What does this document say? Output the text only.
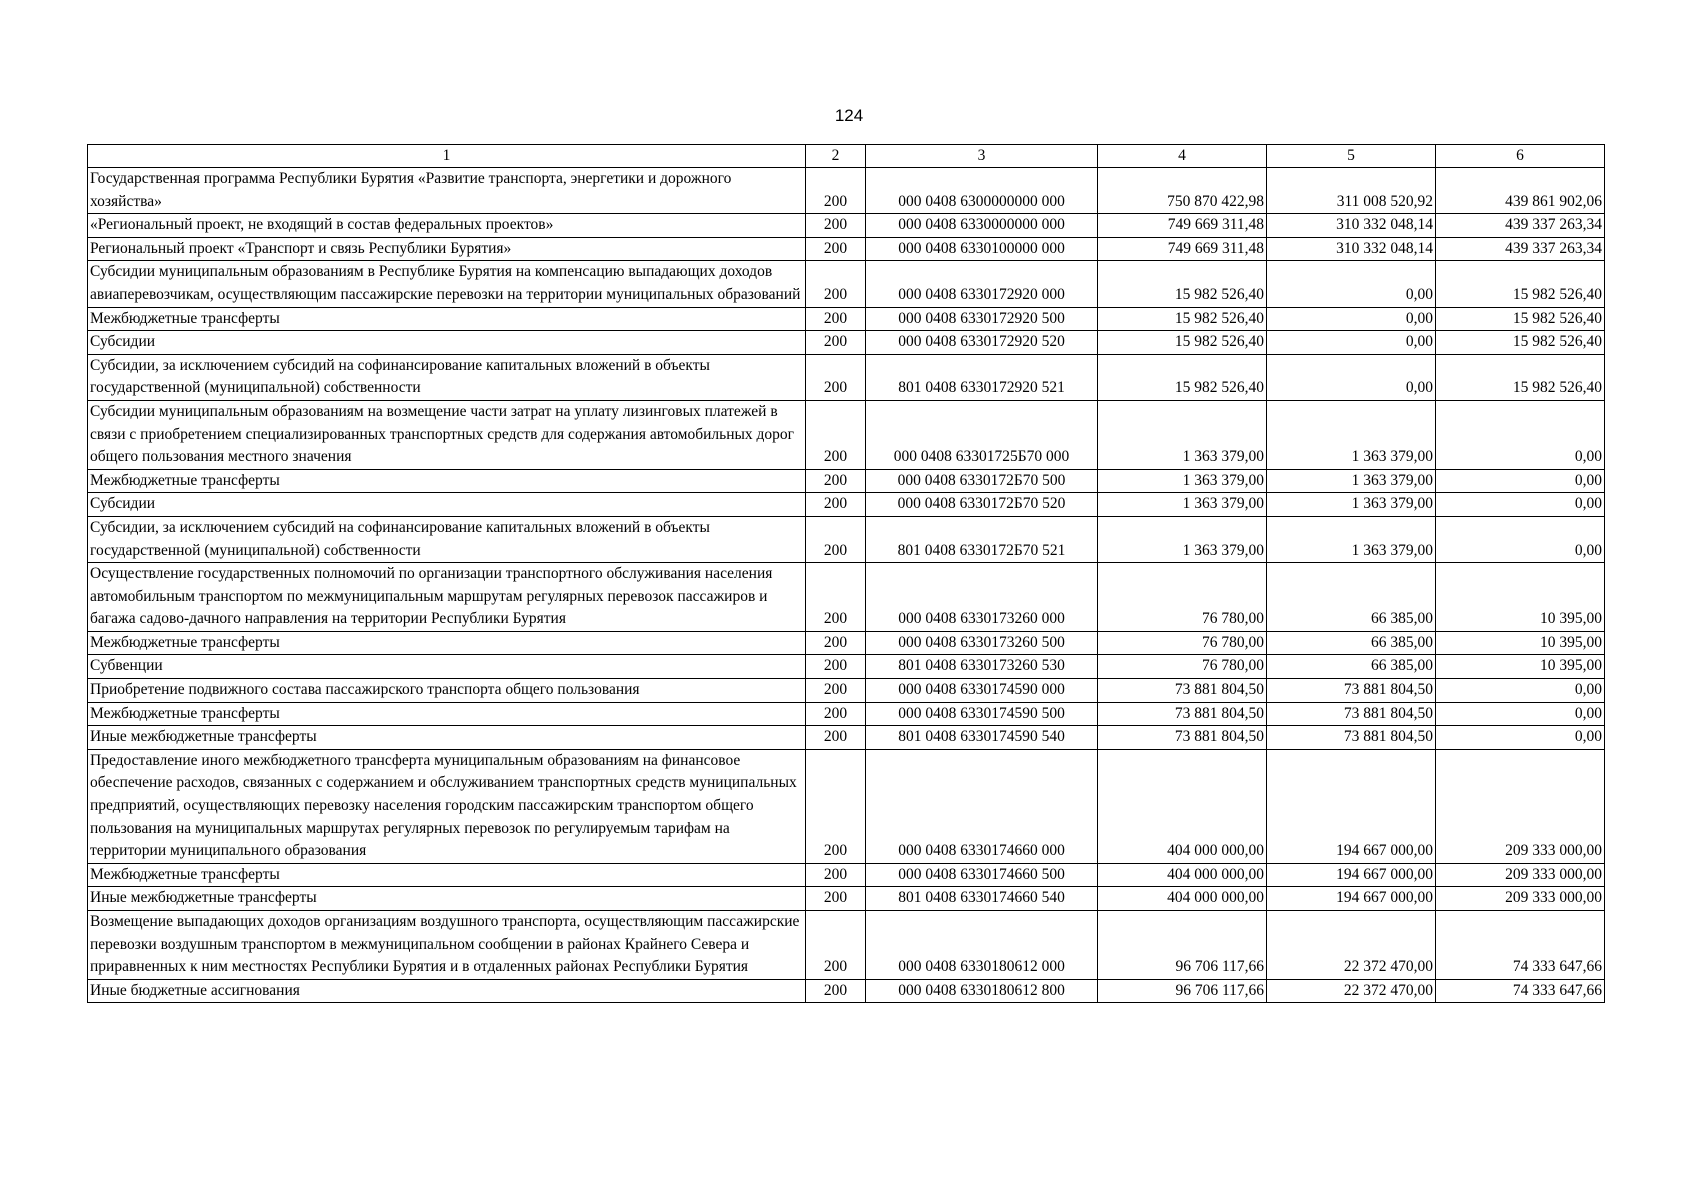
124
1	2	3	4	5	6
Государственная программа Республики Бурятия «Развитие транспорта, энергетики и дорожного хозяйства»	200	000 0408 6300000000 000	750 870 422,98	311 008 520,92	439 861 902,06
«Региональный проект, не входящий в состав федеральных проектов»	200	000 0408 6330000000 000	749 669 311,48	310 332 048,14	439 337 263,34
Региональный проект «Транспорт и связь Республики Бурятия»	200	000 0408 6330100000 000	749 669 311,48	310 332 048,14	439 337 263,34
Субсидии муниципальным образованиям в Республике Бурятия на компенсацию выпадающих доходов авиаперевозчикам, осуществляющим пассажирские перевозки на территории муниципальных образований	200	000 0408 6330172920 000	15 982 526,40	0,00	15 982 526,40
Межбюджетные трансферты	200	000 0408 6330172920 500	15 982 526,40	0,00	15 982 526,40
Субсидии	200	000 0408 6330172920 520	15 982 526,40	0,00	15 982 526,40
Субсидии, за исключением субсидий на софинансирование капитальных вложений в объекты государственной (муниципальной) собственности	200	801 0408 6330172920 521	15 982 526,40	0,00	15 982 526,40
Субсидии муниципальным образованиям на возмещение части затрат на уплату лизинговых платежей в связи с приобретением специализированных транспортных средств для содержания автомобильных дорог общего пользования местного значения	200	000 0408 63301725Б70 000	1 363 379,00	1 363 379,00	0,00
Межбюджетные трансферты	200	000 0408 6330172Б70 500	1 363 379,00	1 363 379,00	0,00
Субсидии	200	000 0408 6330172Б70 520	1 363 379,00	1 363 379,00	0,00
Субсидии, за исключением субсидий на софинансирование капитальных вложений в объекты государственной (муниципальной) собственности	200	801 0408 6330172Б70 521	1 363 379,00	1 363 379,00	0,00
Осуществление государственных полномочий по организации транспортного обслуживания населения автомобильным транспортом по межмуниципальным маршрутам регулярных перевозок пассажиров и багажа садово-дачного направления на территории Республики Бурятия	200	000 0408 6330173260 000	76 780,00	66 385,00	10 395,00
Межбюджетные трансферты	200	000 0408 6330173260 500	76 780,00	66 385,00	10 395,00
Субвенции	200	801 0408 6330173260 530	76 780,00	66 385,00	10 395,00
Приобретение подвижного состава пассажирского транспорта общего пользования	200	000 0408 6330174590 000	73 881 804,50	73 881 804,50	0,00
Межбюджетные трансферты	200	000 0408 6330174590 500	73 881 804,50	73 881 804,50	0,00
Иные межбюджетные трансферты	200	801 0408 6330174590 540	73 881 804,50	73 881 804,50	0,00
Предоставление иного межбюджетного трансферта муниципальным образованиям на финансовое обеспечение расходов, связанных с содержанием и обслуживанием транспортных средств муниципальных предприятий, осуществляющих перевозку населения городским пассажирским транспортом общего пользования на муниципальных маршрутах регулярных перевозок по регулируемым тарифам на территории муниципального образования	200	000 0408 6330174660 000	404 000 000,00	194 667 000,00	209 333 000,00
Межбюджетные трансферты	200	000 0408 6330174660 500	404 000 000,00	194 667 000,00	209 333 000,00
Иные межбюджетные трансферты	200	801 0408 6330174660 540	404 000 000,00	194 667 000,00	209 333 000,00
Возмещение выпадающих доходов организациям воздушного транспорта, осуществляющим пассажирские перевозки воздушным транспортом в межмуниципальном сообщении в районах Крайнего Севера и приравненных к ним местностях Республики Бурятия и в отдаленных районах Республики Бурятия	200	000 0408 6330180612 000	96 706 117,66	22 372 470,00	74 333 647,66
Иные бюджетные ассигнования	200	000 0408 6330180612 800	96 706 117,66	22 372 470,00	74 333 647,66
